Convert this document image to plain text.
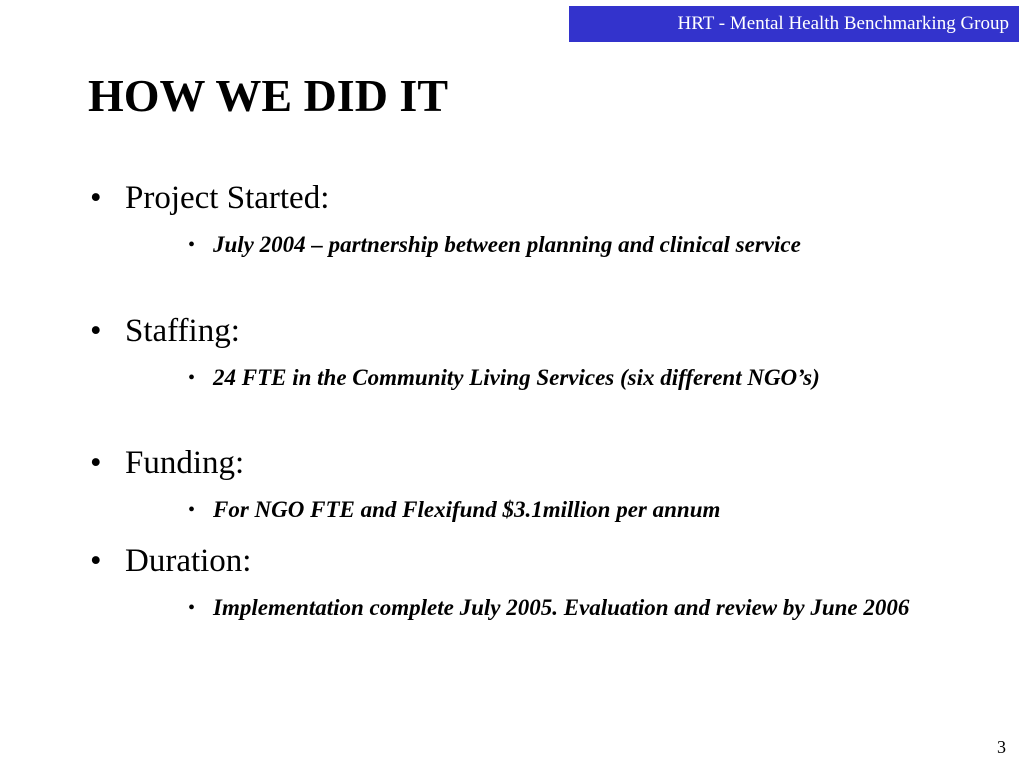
HRT - Mental Health Benchmarking Group
HOW WE DID IT
• Project Started:
• July 2004 – partnership between planning and clinical service
• Staffing:
• 24 FTE in the Community Living Services (six different NGO’s)
• Funding:
• For NGO FTE and Flexifund $3.1million per annum
• Duration:
• Implementation complete July 2005. Evaluation and review by June 2006
3
